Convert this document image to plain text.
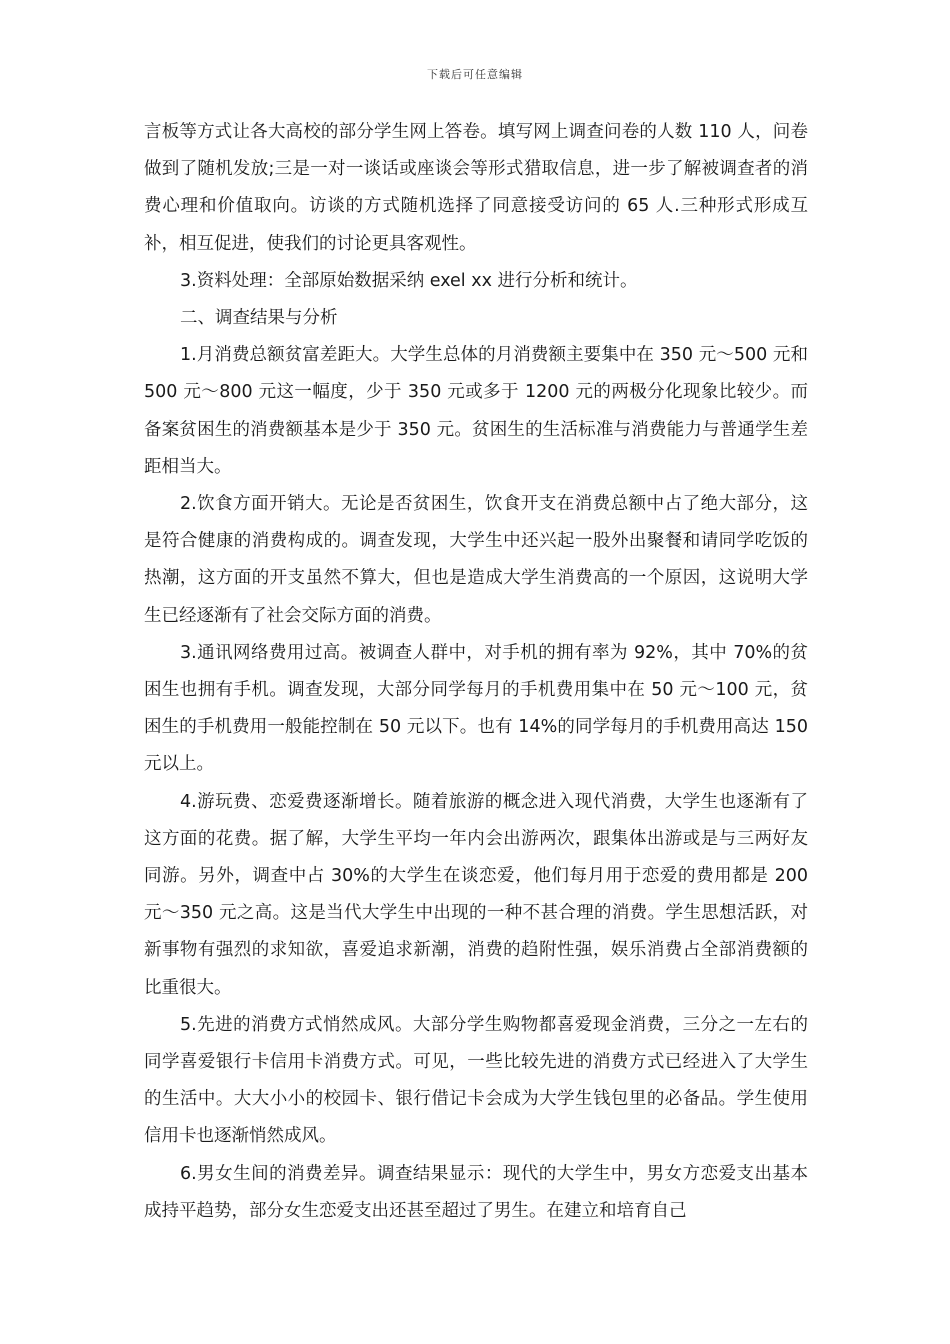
下载后可任意编辑

言板等方式让各大高校的部分学生网上答卷。填写网上调查问卷的人数 110 人，问卷做到了随机发放;三是一对一谈话或座谈会等形式猎取信息，进一步了解被调查者的消费心理和价值取向。访谈的方式随机选择了同意接受访问的 65 人.三种形式形成互补，相互促进，使我们的讨论更具客观性。

3.资料处理：全部原始数据采纳 exel xx 进行分析和统计。

二、调查结果与分析

1.月消费总额贫富差距大。大学生总体的月消费额主要集中在 350 元～500 元和 500 元～800 元这一幅度，少于 350 元或多于 1200 元的两极分化现象比较少。而备案贫困生的消费额基本是少于 350 元。贫困生的生活标准与消费能力与普通学生差距相当大。

2.饮食方面开销大。无论是否贫困生，饮食开支在消费总额中占了绝大部分，这是符合健康的消费构成的。调查发现，大学生中还兴起一股外出聚餐和请同学吃饭的热潮，这方面的开支虽然不算大，但也是造成大学生消费高的一个原因，这说明大学生已经逐渐有了社会交际方面的消费。

3.通讯网络费用过高。被调查人群中，对手机的拥有率为 92%，其中 70%的贫困生也拥有手机。调查发现，大部分同学每月的手机费用集中在 50 元～100 元，贫困生的手机费用一般能控制在 50 元以下。也有 14%的同学每月的手机费用高达 150 元以上。

4.游玩费、恋爱费逐渐增长。随着旅游的概念进入现代消费，大学生也逐渐有了这方面的花费。据了解，大学生平均一年内会出游两次，跟集体出游或是与三两好友同游。另外，调查中占 30%的大学生在谈恋爱，他们每月用于恋爱的费用都是 200 元～350 元之高。这是当代大学生中出现的一种不甚合理的消费。学生思想活跃，对新事物有强烈的求知欲，喜爱追求新潮，消费的趋附性强，娱乐消费占全部消费额的比重很大。

5.先进的消费方式悄然成风。大部分学生购物都喜爱现金消费，三分之一左右的同学喜爱银行卡信用卡消费方式。可见，一些比较先进的消费方式已经进入了大学生的生活中。大大小小的校园卡、银行借记卡会成为大学生钱包里的必备品。学生使用信用卡也逐渐悄然成风。

6.男女生间的消费差异。调查结果显示：现代的大学生中，男女方恋爱支出基本成持平趋势，部分女生恋爱支出还甚至超过了男生。在建立和培育自己
